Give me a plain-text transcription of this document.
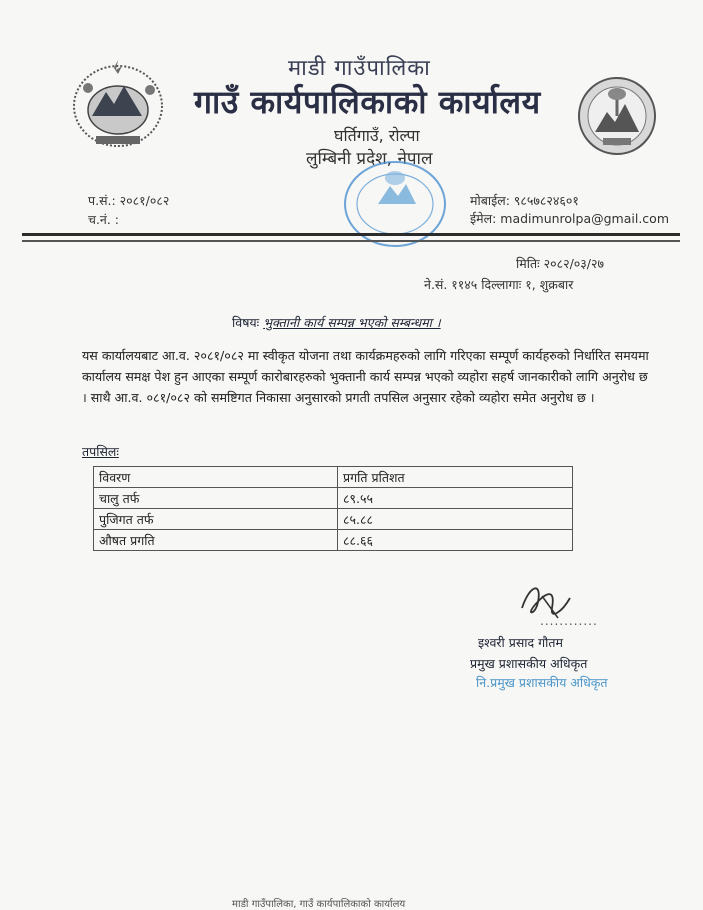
माडी गाउँपालिका
गाउँ कार्यपालिकाको कार्यालय
घर्तिगाउँ, रोल्पा
लुम्बिनी प्रदेश, नेपाल
प.सं.: २०८१/०८२
च.नं. :
मोबाईल: ९८५७८२४६०१
ईमेल: madimunrolpa@gmail.com
मितिः २०८२/०३/२७
ने.सं. ११४५ दिल्लागाः १, शुक्रबार
विषयः भुक्तानी कार्य सम्पन्न भएको सम्बन्धमा ।
यस कार्यालयबाट आ.व. २०८१/०८२ मा स्वीकृत योजना तथा कार्यक्रमहरुको लागि गरिएका सम्पूर्ण कार्यहरुको निर्धारित समयमा कार्यालय समक्ष पेश हुन आएका सम्पूर्ण कारोबारहरुको भुक्तानी कार्य सम्पन्न भएको व्यहोरा सहर्ष जानकारीको लागि अनुरोध छ । साथै आ.व. ०८१/०८२ को समष्टिगत निकासा अनुसारको प्रगती तपसिल अनुसार रहेको व्यहोरा समेत अनुरोध छ ।
तपसिलः
विवरण	प्रगति प्रतिशत
चालु तर्फ	८९.५५
पुजिगत तर्फ	८५.८८
औषत प्रगति	८८.६६
............
इश्वरी प्रसाद गौतम
प्रमुख प्रशासकीय अधिकृत
नि.प्रमुख प्रशासकीय अधिकृत
माडी गाउँपालिका, गाउँ कार्यपालिकाको कार्यालय
